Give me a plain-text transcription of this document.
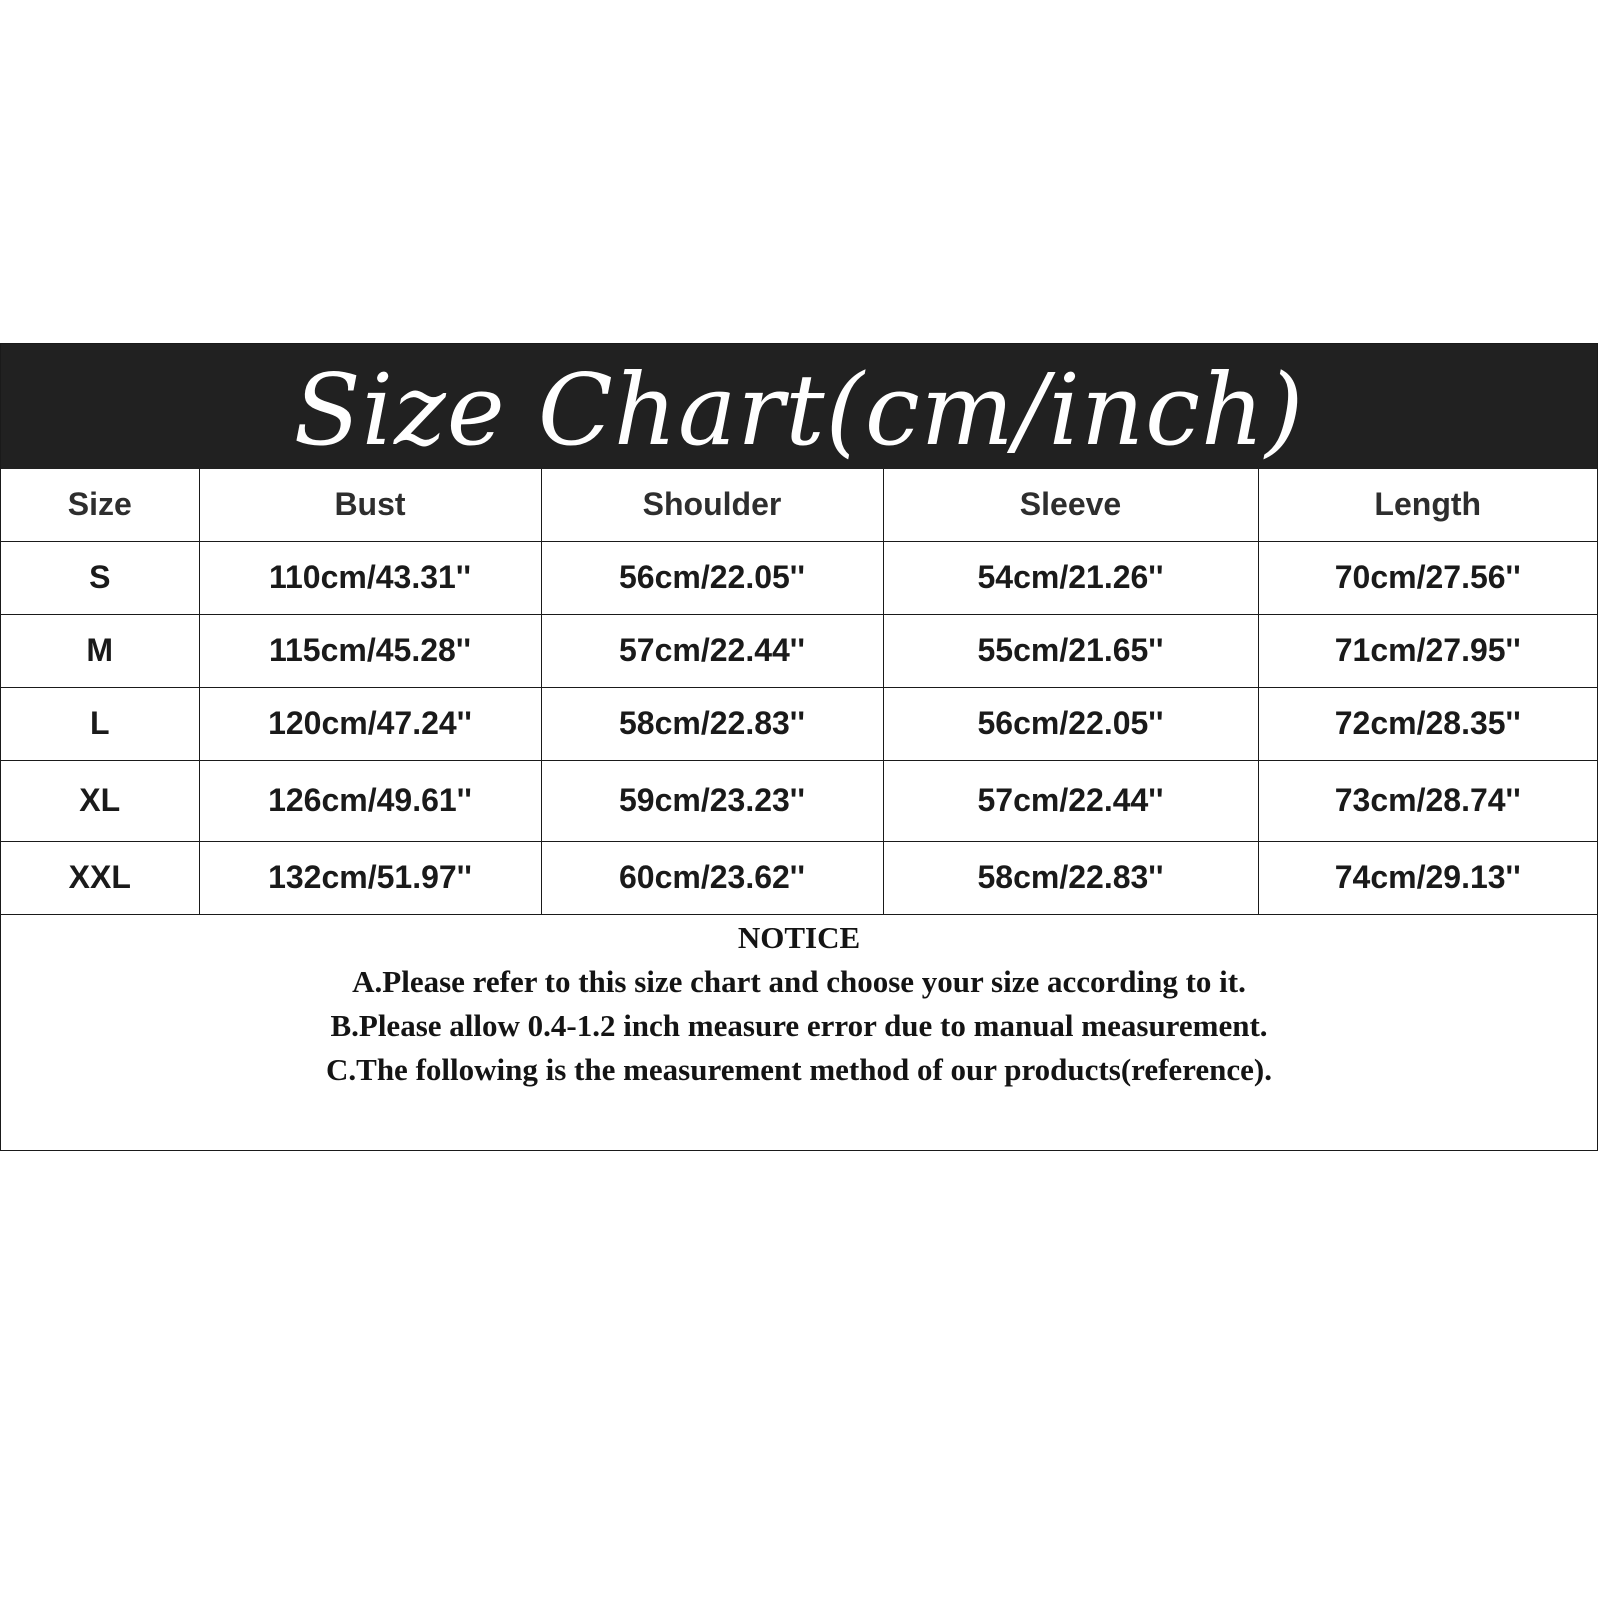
Size Chart(cm/inch)
Size	Bust	Shoulder	Sleeve	Length
S	110cm/43.31''	56cm/22.05''	54cm/21.26''	70cm/27.56''
M	115cm/45.28''	57cm/22.44''	55cm/21.65''	71cm/27.95''
L	120cm/47.24''	58cm/22.83''	56cm/22.05''	72cm/28.35''
XL	126cm/49.61''	59cm/23.23''	57cm/22.44''	73cm/28.74''
XXL	132cm/51.97''	60cm/23.62''	58cm/22.83''	74cm/29.13''
NOTICE
A.Please refer to this size chart and choose your size according to it.
B.Please allow 0.4-1.2 inch measure error due to manual measurement.
C.The following is the measurement method of our products(reference).
